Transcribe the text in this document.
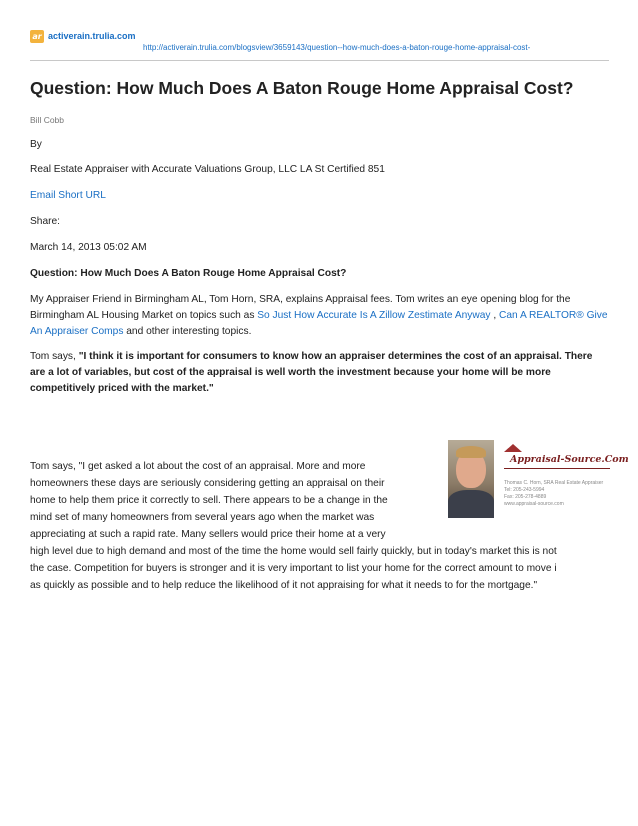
ar activerain.trulia.com
http://activerain.trulia.com/blogsview/3659143/question--how-much-does-a-baton-rouge-home-appraisal-cost-
Question: How Much Does A Baton Rouge Home Appraisal Cost?
Bill Cobb
By
Real Estate Appraiser with Accurate Valuations Group, LLC LA St Certified 851
Email Short URL
Share:
March 14, 2013 05:02 AM
Question: How Much Does A Baton Rouge Home Appraisal Cost?

My Appraiser Friend in Birmingham AL, Tom Horn, SRA, explains Appraisal fees. Tom writes an eye opening blog for the Birmingham AL Housing Market on topics such as So Just How Accurate Is A Zillow Zestimate Anyway , Can A REALTOR® Give An Appraiser Comps and other interesting topics.

Tom says, "I think it is important for consumers to know how an appraiser determines the cost of an appraisal. There are a lot of variables, but cost of the appraisal is well worth the investment because your home will be more competitively priced with the market."

Appraisal-Source.Com
Thomas C. Horn, SRA Real Estate Appraiser
Tel: 205-243-5994
Fax: 205-278-4889
www.appraisal-source.com
Tom says, "I get asked a lot about the cost of an appraisal. More and more
homeowners these days are seriously considering getting an appraisal on their
home to help them price it correctly to sell. There appears to be a change in the
mind set of many homeowners from several years ago when the market was
appreciating at such a rapid rate. Many sellers would price their home at a very
high level due to high demand and most of the time the home would sell fairly quickly, but in today's market this is not
the case. Competition for buyers is stronger and it is very important to list your home for the correct amount to move i
as quickly as possible and to help reduce the likelihood of it not appraising for what it needs to for the mortgage."
